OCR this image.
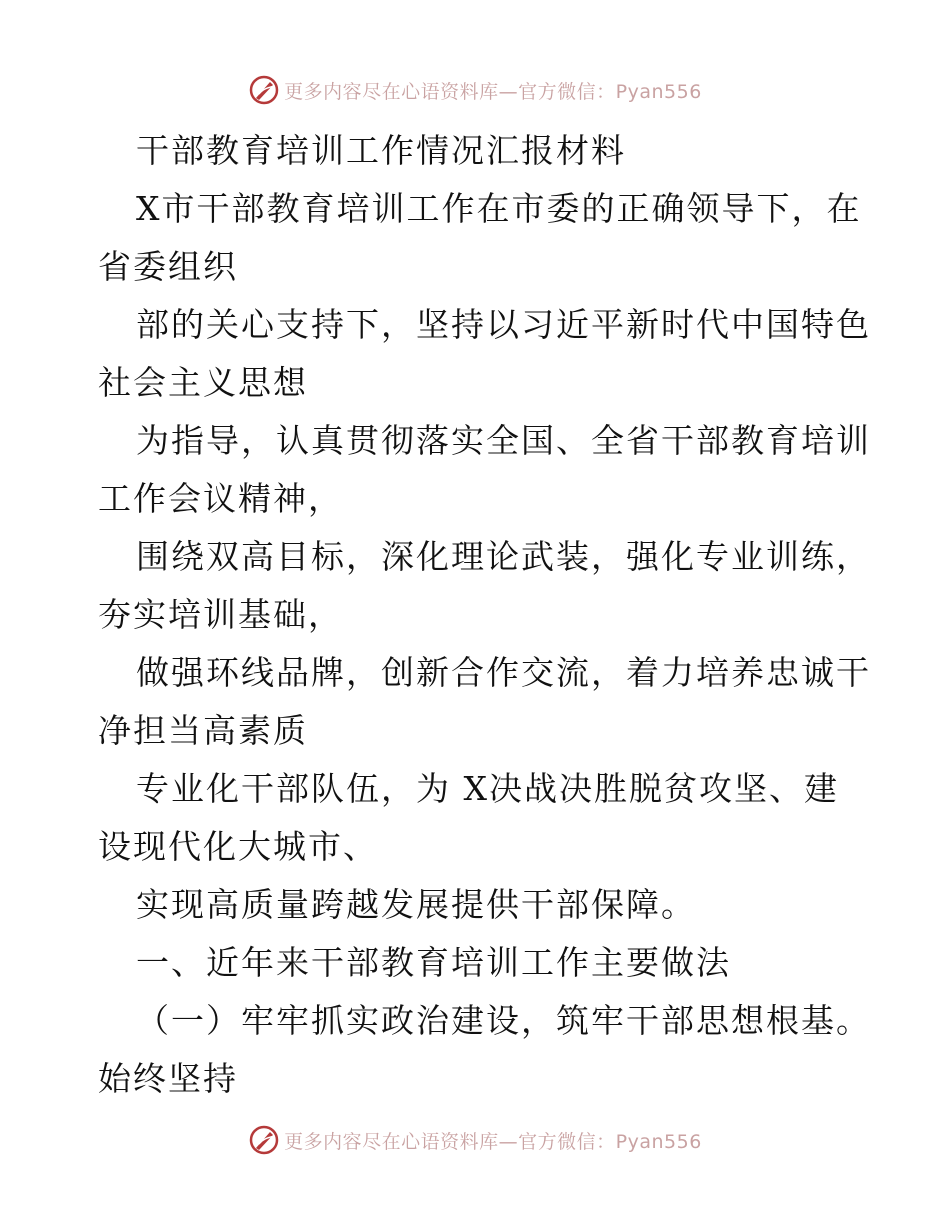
更多内容尽在心语资料库—官方微信：Pyan556
干部教育培训工作情况汇报材料
X市干部教育培训工作在市委的正确领导下，在
省委组织
部的关心支持下，坚持以习近平新时代中国特色
社会主义思想
为指导，认真贯彻落实全国、全省干部教育培训
工作会议精神，
围绕双高目标，深化理论武装，强化专业训练，
夯实培训基础，
做强环线品牌，创新合作交流，着力培养忠诚干
净担当高素质
专业化干部队伍，为 X决战决胜脱贫攻坚、建
设现代化大城市、
实现高质量跨越发展提供干部保障。
一、近年来干部教育培训工作主要做法
（一）牢牢抓实政治建设，筑牢干部思想根基。
始终坚持
更多内容尽在心语资料库—官方微信：Pyan556
